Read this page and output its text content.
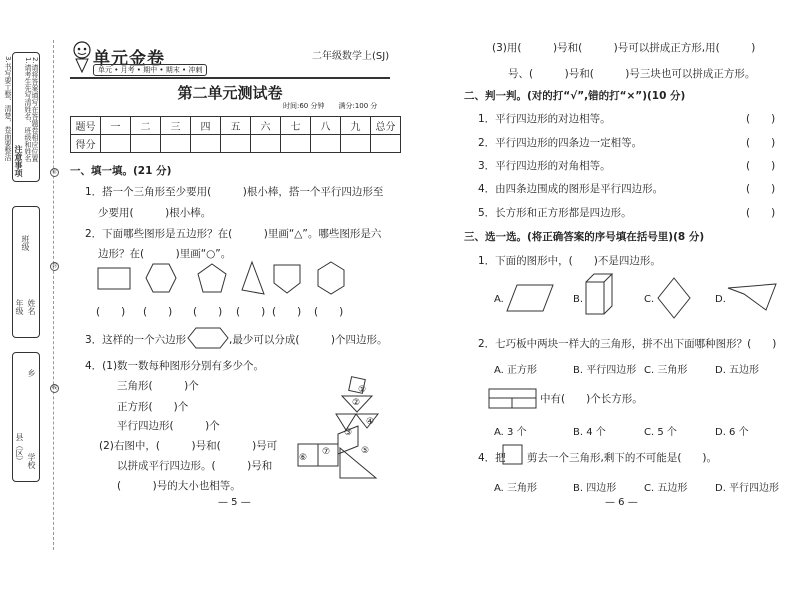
注意事项 1.请考生先写清姓名、班级和姓名 2.请将答案填写在答题卷相应位置
3.书写要工整、清楚，卷面要整洁
班级
年级 姓名
乡
县（区） 学校
密
封
线
单元金卷
单元 • 月考 • 期中 • 期末 • 冲刺
二年级数学上(SJ)
第二单元测试卷
时间:60 分钟　　满分:100 分
题号	一	二	三	四	五	六	七	八	九	总分
得分										
一、填一填。(21 分)
1．搭一个三角形至少要用(　　　)根小棒，搭一个平行四边形至
少要用(　　　)根小棒。
2．下面哪些图形是五边形？在(　　　)里画“△”。哪些图形是六
边形？在(　　　)里画“○”。
(　　) (　　) (　　) (　　) (　　) (　　)
3．这样的一个六边形	,最少可以分成(　　　)个四边形。
4．(1)数一数每种图形分别有多少个。
三角形(　　　)个
正方形(　　)个
平行四边形(　　　)个
(2)右图中，(　　　)号和(　　　)号可
以拼成平行四边形。(　　　)号和
(　　　)号的大小也相等。
①
②
③
④
⑤
⑥
⑦
— 5 —
(3)用(　　　)号和(　　　)号可以拼成正方形,用(　　　)
号、(　　　)号和(　　　)号三块也可以拼成正方形。
二、判一判。(对的打“√”,错的打“×”)(10 分)
1．平行四边形的对边相等。
2．平行四边形的四条边一定相等。
3．平行四边形的对角相等。
4．由四条边围成的图形是平行四边形。
5．长方形和正方形都是四边形。
(　　)
(　　)
(　　)
(　　)
(　　)
三、选一选。(将正确答案的序号填在括号里)(8 分)
1．下面的图形中，(　　)不是四边形。
A.	B.	C.	D.
2．七巧板中两块一样大的三角形，拼不出下面哪种图形？(　　)
A. 正方形	B. 平行四边形 C. 三角形	D. 五边形
中有(　　)个长方形。
A. 3 个	B. 4 个	C. 5 个	D. 6 个
4．把 剪去一个三角形,剩下的不可能是(　　)。
A. 三角形	B. 四边形	C. 五边形	D. 平行四边形
— 6 —
